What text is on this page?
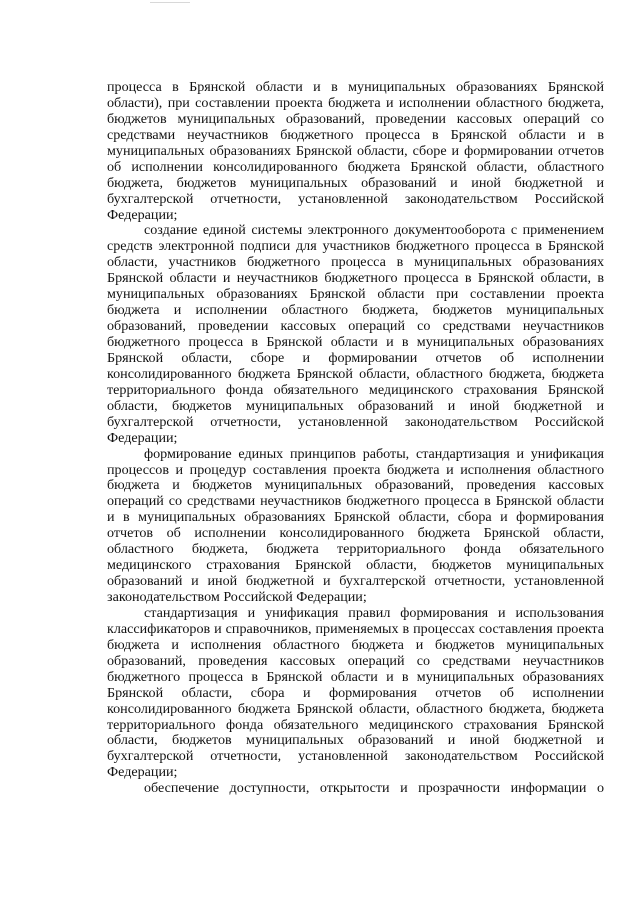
процесса в Брянской области и в муниципальных образованиях Брянской
области), при составлении проекта бюджета и исполнении областного бюджета,
бюджетов муниципальных образований, проведении кассовых операций со
средствами неучастников бюджетного процесса в Брянской области и в
муниципальных образованиях Брянской области, сборе и формировании отчетов
об исполнении консолидированного бюджета Брянской области, областного
бюджета, бюджетов муниципальных образований и иной бюджетной и
бухгалтерской отчетности, установленной законодательством Российской
Федерации;
создание единой системы электронного документооборота с применением
средств электронной подписи для участников бюджетного процесса в Брянской
области, участников бюджетного процесса в муниципальных образованиях
Брянской области и неучастников бюджетного процесса в Брянской области, в
муниципальных образованиях Брянской области при составлении проекта
бюджета и исполнении областного бюджета, бюджетов муниципальных
образований, проведении кассовых операций со средствами неучастников
бюджетного процесса в Брянской области и в муниципальных образованиях
Брянской области, сборе и формировании отчетов об исполнении
консолидированного бюджета Брянской области, областного бюджета, бюджета
территориального фонда обязательного медицинского страхования Брянской
области, бюджетов муниципальных образований и иной бюджетной и
бухгалтерской отчетности, установленной законодательством Российской
Федерации;
формирование единых принципов работы, стандартизация и унификация
процессов и процедур составления проекта бюджета и исполнения областного
бюджета и бюджетов муниципальных образований, проведения кассовых
операций со средствами неучастников бюджетного процесса в Брянской области
и в муниципальных образованиях Брянской области, сбора и формирования
отчетов об исполнении консолидированного бюджета Брянской области,
областного бюджета, бюджета территориального фонда обязательного
медицинского страхования Брянской области, бюджетов муниципальных
образований и иной бюджетной и бухгалтерской отчетности, установленной
законодательством Российской Федерации;
стандартизация и унификация правил формирования и использования
классификаторов и справочников, применяемых в процессах составления проекта
бюджета и исполнения областного бюджета и бюджетов муниципальных
образований, проведения кассовых операций со средствами неучастников
бюджетного процесса в Брянской области и в муниципальных образованиях
Брянской области, сбора и формирования отчетов об исполнении
консолидированного бюджета Брянской области, областного бюджета, бюджета
территориального фонда обязательного медицинского страхования Брянской
области, бюджетов муниципальных образований и иной бюджетной и
бухгалтерской отчетности, установленной законодательством Российской
Федерации;
обеспечение доступности, открытости и прозрачности информации о
